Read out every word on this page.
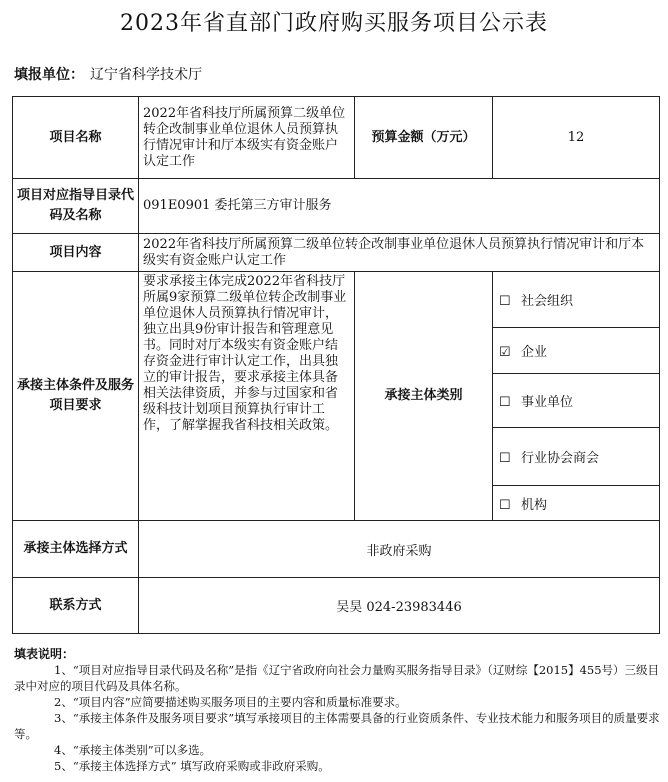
2023年省直部门政府购买服务项目公示表
填报单位： 辽宁省科学技术厅
项目名称	2022年省科技厅所属预算二级单位转企改制事业单位退休人员预算执行情况审计和厅本级实有资金账户认定工作	预算金额（万元）	12
项目对应指导目录代码及名称	091E0901 委托第三方审计服务		
项目内容	2022年省科技厅所属预算二级单位转企改制事业单位退休人员预算执行情况审计和厅本级实有资金账户认定工作		
承接主体条件及服务项目要求	要求承接主体完成2022年省科技厅所属9家预算二级单位转企改制事业单位退休人员预算执行情况审计，独立出具9份审计报告和管理意见书。同时对厅本级实有资金账户结存资金进行审计认定工作，出具独立的审计报告，要求承接主体具备相关法律资质，并参与过国家和省级科技计划项目预算执行审计工作，了解掌握我省科技相关政策。	承接主体类别	☐ 社会组织
			☑ 企业
			☐ 事业单位
			☐ 行业协会商会
			☐ 机构
承接主体选择方式	非政府采购		
联系方式	吴昊 024-23983446		
填表说明：
1、“项目对应指导目录代码及名称”是指《辽宁省政府向社会力量购买服务指导目录》（辽财综【2015】455号）三级目录中对应的项目代码及具体名称。
2、“项目内容”应简要描述购买服务项目的主要内容和质量标准要求。
3、“承接主体条件及服务项目要求”填写承接项目的主体需要具备的行业资质条件、专业技术能力和服务项目的质量要求等。
4、“承接主体类别”可以多选。
5、“承接主体选择方式” 填写政府采购或非政府采购。
